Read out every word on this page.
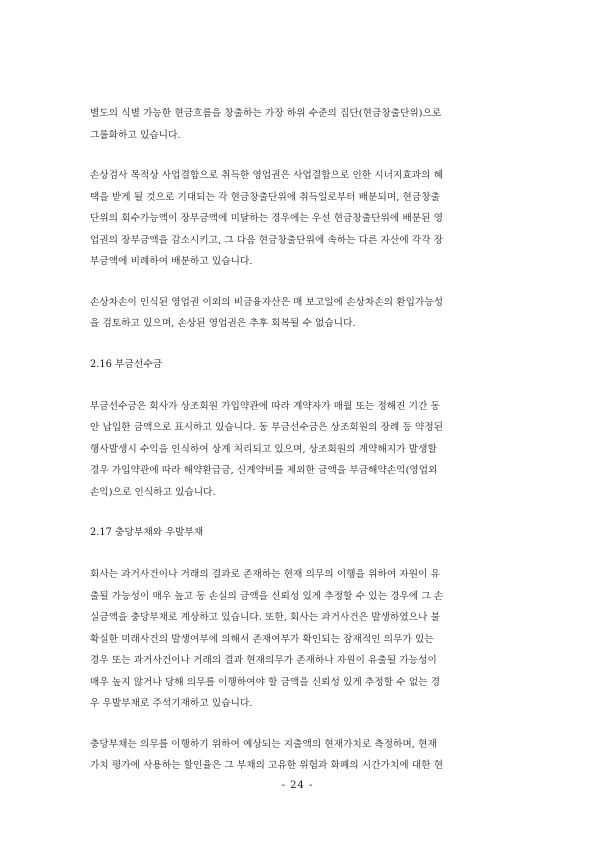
별도의 식별 가능한 현금흐름을 창출하는 가장 하위 수준의 집단(현금창출단위)으로
그룹화하고 있습니다.

손상검사 목적상 사업결합으로 취득한 영업권은 사업결합으로 인한 시너지효과의 혜
택을 받게 될 것으로 기대되는 각 현금창출단위에 취득일로부터 배분되며, 현금창출
단위의 회수가능액이 장부금액에 미달하는 경우에는 우선 현금창출단위에 배분된 영
업권의 장부금액을 감소시키고, 그 다음 현금창출단위에 속하는 다른 자산에 각각 장
부금액에 비례하여 배분하고 있습니다.

손상차손이 인식된 영업권 이외의 비금융자산은 매 보고일에 손상차손의 환입가능성
을 검토하고 있으며, 손상된 영업권은 추후 회복될 수 없습니다.

2.16 부금선수금

부금선수금은 회사가 상조회원 가입약관에 따라 계약자가 매월 또는 정해진 기간 동
안 납입한 금액으로 표시하고 있습니다. 동 부금선수금은 상조회원의 장례 등 약정된
행사발생시 수익을 인식하여 상계 처리되고 있으며, 상조회원의 계약해지가 발생할
경우 가입약관에 따라 해약환급금, 신계약비를 제외한 금액을 부금해약손익(영업외
손익)으로 인식하고 있습니다.

2.17 충당부채와 우발부채

회사는 과거사건이나 거래의 결과로 존재하는 현재 의무의 이행을 위하여 자원이 유
출될 가능성이 매우 높고 동 손실의 금액을 신뢰성 있게 추정할 수 있는 경우에 그 손
실금액을 충당부채로 계상하고 있습니다. 또한, 회사는 과거사건은 발생하였으나 불
확실한 미래사건의 발생여부에 의해서 존재여부가 확인되는 잠재적인 의무가 있는
경우 또는 과거사건이나 거래의 결과 현재의무가 존재하나 자원이 유출될 가능성이
매우 높지 않거나 당해 의무를 이행하여야 할 금액을 신뢰성 있게 추정할 수 없는 경
우 우발부채로 주석기재하고 있습니다.

충당부채는 의무를 이행하기 위하여 예상되는 지출액의 현재가치로 측정하며, 현재
가치 평가에 사용하는 할인율은 그 부채의 고유한 위험과 화폐의 시간가치에 대한 현

- 24 -
